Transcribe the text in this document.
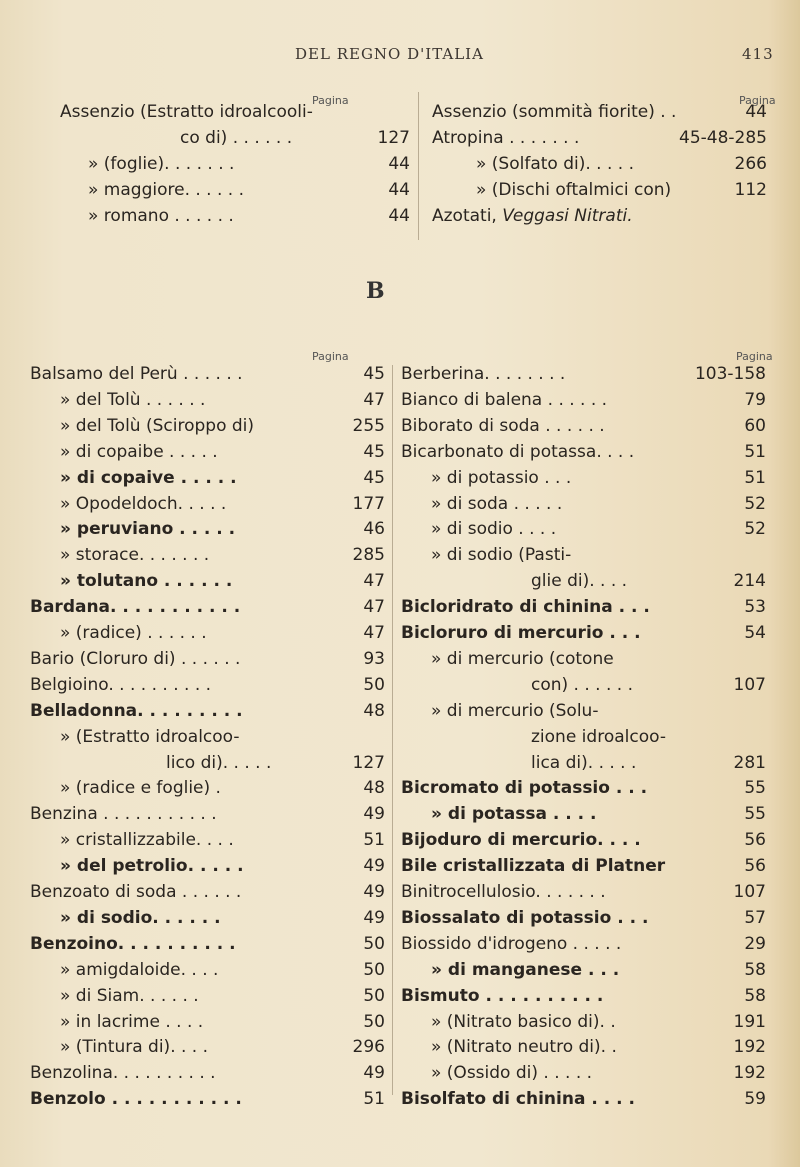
DEL REGNO D'ITALIA	413
Pagina	Pagina
Assenzio (Estratto idroalcooli-
co di) . . . . . .	127
» (foglie). . . . . . .	44
» maggiore. . . . . .	44
» romano . . . . . .	44
Assenzio (sommità fiorite) . .	44
Atropina . . . . . . .	45-48-285
» (Solfato di). . . . .	266
» (Dischi oftalmici con)	112
Azotati, Veggasi Nitrati.
B
Pagina	Pagina
Balsamo del Perù . . . . . .	45
» del Tolù . . . . . .	47
» del Tolù (Sciroppo di)	255
» di copaibe . . . . .	45
» di copaive . . . . .	45
» Opodeldoch. . . . .	177
» peruviano . . . . .	46
» storace. . . . . . .	285
» tolutano . . . . . .	47
Bardana. . . . . . . . . . .	47
» (radice) . . . . . .	47
Bario (Cloruro di) . . . . . .	93
Belgioino. . . . . . . . . .	50
Belladonna. . . . . . . . .	48
» (Estratto idroalcoo-
lico di). . . . .	127
» (radice e foglie) .	48
Benzina . . . . . . . . . . .	49
» cristallizzabile. . . .	51
» del petrolio. . . . .	49
Benzoato di soda . . . . . .	49
» di sodio. . . . . .	49
Benzoino. . . . . . . . . .	50
» amigdaloide. . . .	50
» di Siam. . . . . .	50
» in lacrime . . . .	50
» (Tintura di). . . .	296
Benzolina. . . . . . . . . .	49
Benzolo . . . . . . . . . . .	51
Berberina. . . . . . . .	103-158
Bianco di balena . . . . . .	79
Biborato di soda . . . . . .	60
Bicarbonato di potassa. . . .	51
» di potassio . . .	51
» di soda . . . . .	52
» di sodio . . . .	52
» di sodio (Pasti-
glie di). . . .	214
Bicloridrato di chinina . . .	53
Bicloruro di mercurio . . .	54
» di mercurio (cotone
con) . . . . . .	107
» di mercurio (Solu-
zione idroalcoo-
lica di). . . . .	281
Bicromato di potassio . . .	55
» di potassa . . . .	55
Bijoduro di mercurio. . . .	56
Bile cristallizzata di Platner	56
Binitrocellulosio. . . . . . .	107
Biossalato di potassio . . .	57
Biossido d'idrogeno . . . . .	29
» di manganese . . .	58
Bismuto . . . . . . . . . .	58
» (Nitrato basico di). .	191
» (Nitrato neutro di). .	192
» (Ossido di) . . . . .	192
Bisolfato di chinina . . . .	59
